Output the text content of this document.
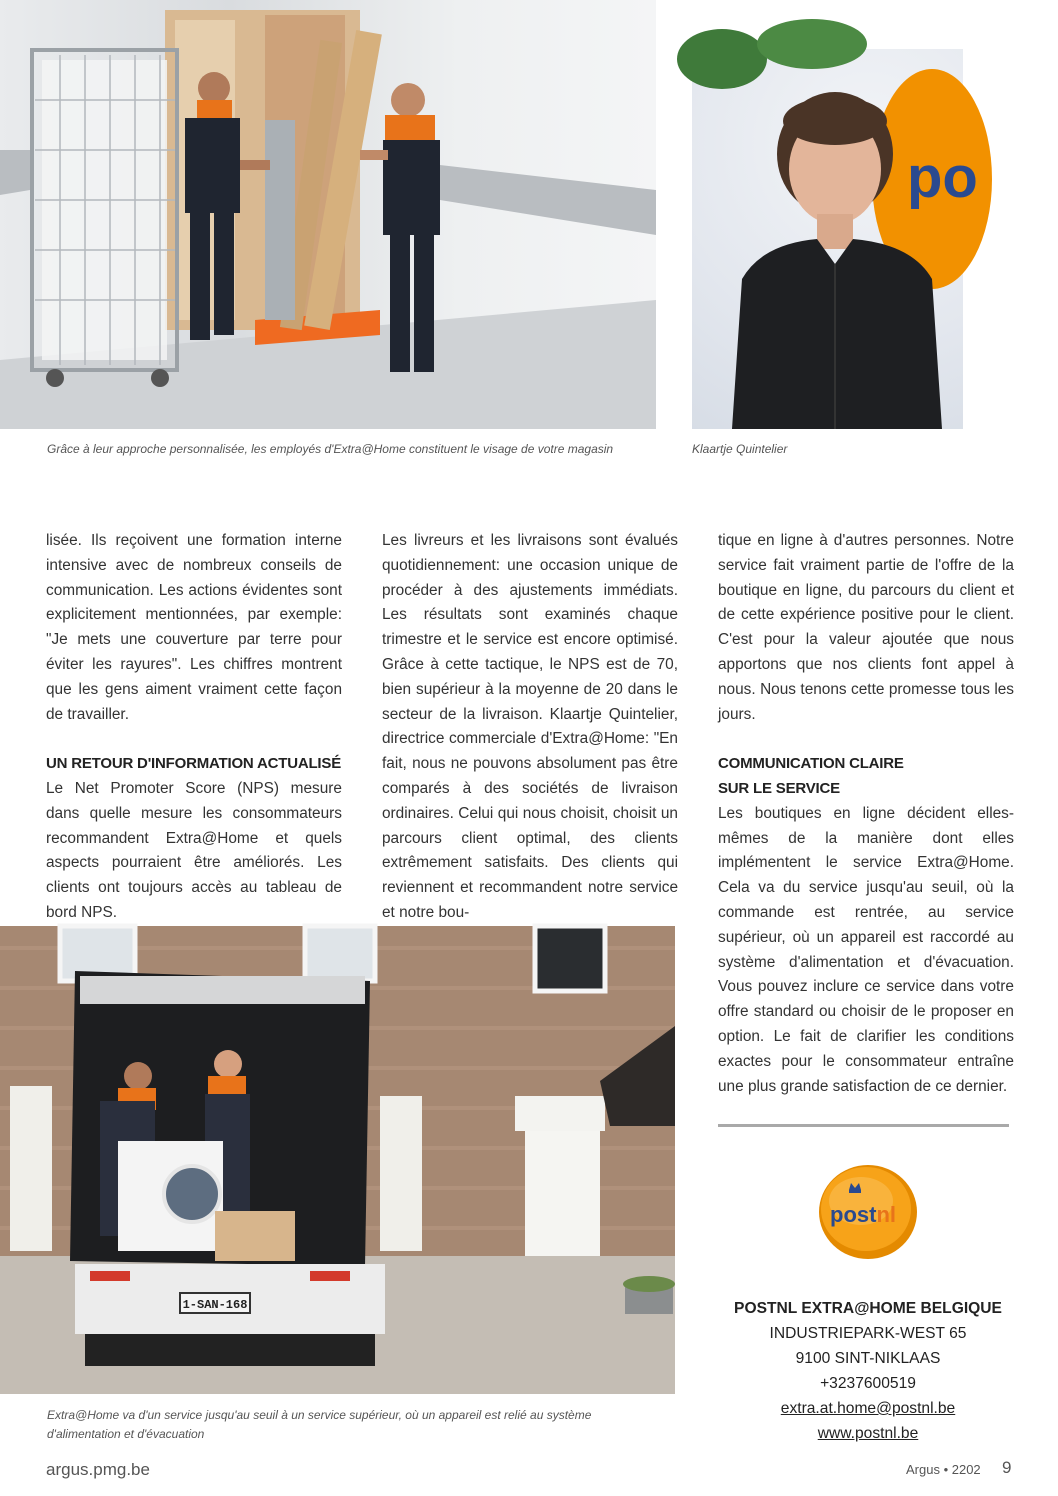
Grâce à leur approche personnalisée, les employés d'Extra@Home constituent le visage de votre magasin
po
Klaartje Quintelier

lisée. Ils reçoivent une formation interne intensive avec de nombreux conseils de communication. Les actions évidentes sont explicitement mentionnées, par exemple: "Je mets une couverture par terre pour éviter les rayures". Les chiffres montrent que les gens aiment vraiment cette façon de travailler.

UN RETOUR D'INFORMATION ACTUALISÉ

Le Net Promoter Score (NPS) mesure dans quelle mesure les consommateurs recommandent Extra@Home et quels aspects pourraient être améliorés. Les clients ont toujours accès au tableau de bord NPS.

Les livreurs et les livraisons sont évalués quotidiennement: une occasion unique de procéder à des ajustements immédiats. Les résultats sont examinés chaque trimestre et le service est encore optimisé. Grâce à cette tactique, le NPS est de 70, bien supérieur à la moyenne de 20 dans le secteur de la livraison. Klaartje Quintelier, directrice commerciale d'Extra@Home: "En fait, nous ne pouvons absolument pas être comparés à des sociétés de livraison ordinaires. Celui qui nous choisit, choisit un parcours client optimal, des clients extrêmement satisfaits. Des clients qui reviennent et recommandent notre service et notre bou-

tique en ligne à d'autres personnes. Notre service fait vraiment partie de l'offre de la boutique en ligne, du parcours du client et de cette expérience positive pour le client. C'est pour la valeur ajoutée que nous apportons que nos clients font appel à nous. Nous tenons cette promesse tous les jours.

COMMUNICATION CLAIRE
SUR LE SERVICE

Les boutiques en ligne décident elles-mêmes de la manière dont elles implémentent le service Extra@Home. Cela va du service jusqu'au seuil, où la commande est rentrée, au service supérieur, où un appareil est raccordé au système d'alimentation et d'évacuation. Vous pouvez inclure ce service dans votre offre standard ou choisir de le proposer en option. Le fait de clarifier les conditions exactes pour le consommateur entraîne une plus grande satisfaction de ce dernier.

1-SAN-168
Extra@Home va d'un service jusqu'au seuil à un service supérieur, où un appareil est relié au système d'alimentation et d'évacuation
postnl
POSTNL EXTRA@HOME BELGIQUE
INDUSTRIEPARK-WEST 65
9100 SINT-NIKLAAS
+3237600519
extra.at.home@postnl.be
www.postnl.be
argus.pmg.be	Argus • 2202 9
